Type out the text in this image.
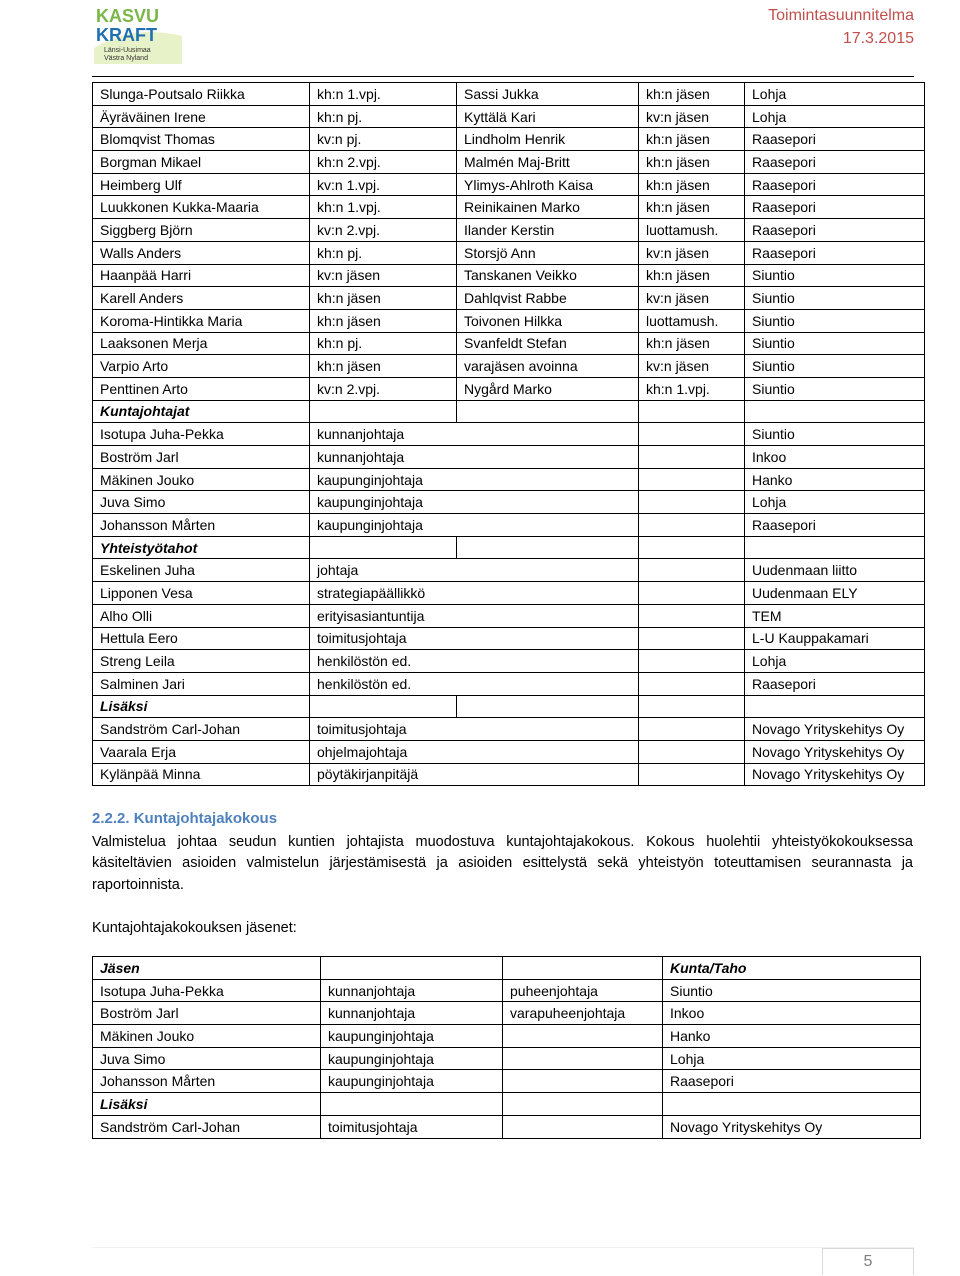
KASVU
KRAFT
Länsi-Uusimaa
Västra Nyland
Toimintasuunnitelma
17.3.2015
Slunga-Poutsalo Riikka	kh:n 1.vpj.	Sassi Jukka	kh:n jäsen	Lohja
Äyräväinen Irene	kh:n pj.	Kyttälä Kari	kv:n jäsen	Lohja
Blomqvist Thomas	kv:n pj.	Lindholm Henrik	kh:n jäsen	Raasepori
Borgman Mikael	kh:n 2.vpj.	Malmén Maj-Britt	kh:n jäsen	Raasepori
Heimberg Ulf	kv:n 1.vpj.	Ylimys-Ahlroth Kaisa	kh:n jäsen	Raasepori
Luukkonen Kukka-Maaria	kh:n 1.vpj.	Reinikainen Marko	kh:n jäsen	Raasepori
Siggberg Björn	kv:n 2.vpj.	Ilander Kerstin	luottamush.	Raasepori
Walls Anders	kh:n pj.	Storsjö Ann	kv:n jäsen	Raasepori
Haanpää Harri	kv:n jäsen	Tanskanen Veikko	kh:n jäsen	Siuntio
Karell Anders	kh:n jäsen	Dahlqvist Rabbe	kv:n jäsen	Siuntio
Koroma-Hintikka Maria	kh:n jäsen	Toivonen Hilkka	luottamush.	Siuntio
Laaksonen Merja	kh:n pj.	Svanfeldt Stefan	kh:n jäsen	Siuntio
Varpio Arto	kh:n jäsen	varajäsen avoinna	kv:n jäsen	Siuntio
Penttinen Arto	kv:n 2.vpj.	Nygård Marko	kh:n 1.vpj.	Siuntio
Kuntajohtajat				
Isotupa Juha-Pekka	kunnanjohtaja			Siuntio
Boström Jarl	kunnanjohtaja			Inkoo
Mäkinen Jouko	kaupunginjohtaja			Hanko
Juva Simo	kaupunginjohtaja			Lohja
Johansson Mårten	kaupunginjohtaja			Raasepori
Yhteistyötahot				
Eskelinen Juha	johtaja			Uudenmaan liitto
Lipponen Vesa	strategiapäällikkö			Uudenmaan ELY
Alho Olli	erityisasiantuntija			TEM
Hettula Eero	toimitusjohtaja			L-U Kauppakamari
Streng Leila	henkilöstön ed.			Lohja
Salminen Jari	henkilöstön ed.			Raasepori
Lisäksi				
Sandström Carl-Johan	toimitusjohtaja			Novago Yrityskehitys Oy
Vaarala Erja	ohjelmajohtaja			Novago Yrityskehitys Oy
Kylänpää Minna	pöytäkirjanpitäjä			Novago Yrityskehitys Oy
2.2.2. Kuntajohtajakokous
Valmistelua johtaa seudun kuntien johtajista muodostuva kuntajohtajakokous. Kokous huolehtii yhteistyökokouksessa käsiteltävien asioiden valmistelun järjestämisestä ja asioiden esittelystä sekä yhteistyön toteuttamisen seurannasta ja raportoinnista.
Kuntajohtajakokouksen jäsenet:
Jäsen			Kunta/Taho
Isotupa Juha-Pekka	kunnanjohtaja	puheenjohtaja	Siuntio
Boström Jarl	kunnanjohtaja	varapuheenjohtaja	Inkoo
Mäkinen Jouko	kaupunginjohtaja		Hanko
Juva Simo	kaupunginjohtaja		Lohja
Johansson Mårten	kaupunginjohtaja		Raasepori
Lisäksi			
Sandström Carl-Johan	toimitusjohtaja		Novago Yrityskehitys Oy
5
